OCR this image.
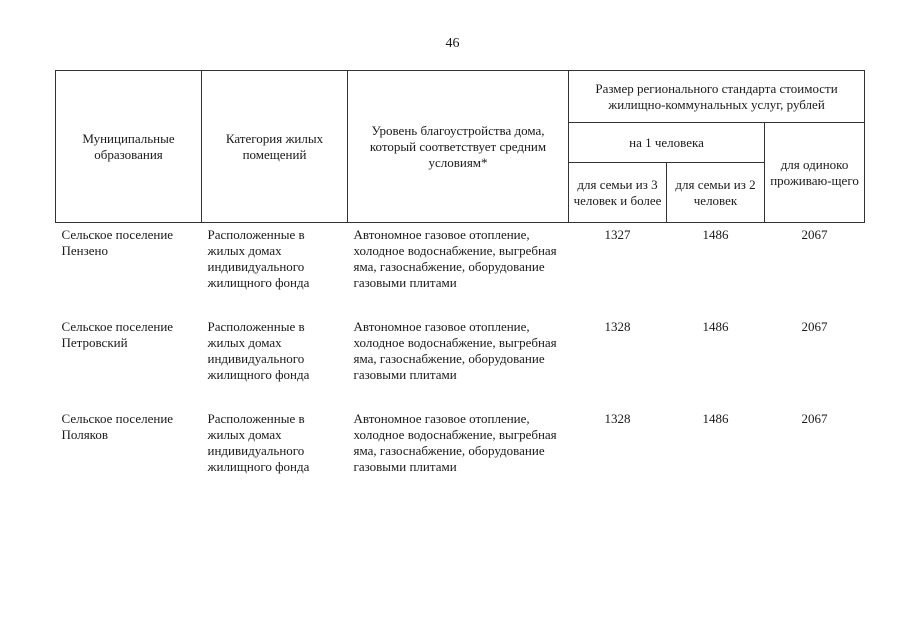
46
Муниципальные образования	Категория жилых помещений	Уровень благоустройства дома, который соответствует средним условиям*	Размер регионального стандарта стоимости жилищно-коммунальных услуг, рублей		
			на 1 человека		для одиноко проживаю-щего
			для семьи из 3 человек и более	для семьи из 2 человек	
Сельское поселение Пензено	Расположенные в жилых домах индивидуального жилищного фонда	Автономное газовое отопление, холодное водоснабжение, выгребная яма, газоснабжение, оборудование газовыми плитами	1327	1486	2067
Сельское поселение Петровский	Расположенные в жилых домах индивидуального жилищного фонда	Автономное газовое отопление, холодное водоснабжение, выгребная яма, газоснабжение, оборудование газовыми плитами	1328	1486	2067
Сельское поселение Поляков	Расположенные в жилых домах индивидуального жилищного фонда	Автономное газовое отопление, холодное водоснабжение, выгребная яма, газоснабжение, оборудование газовыми плитами	1328	1486	2067
